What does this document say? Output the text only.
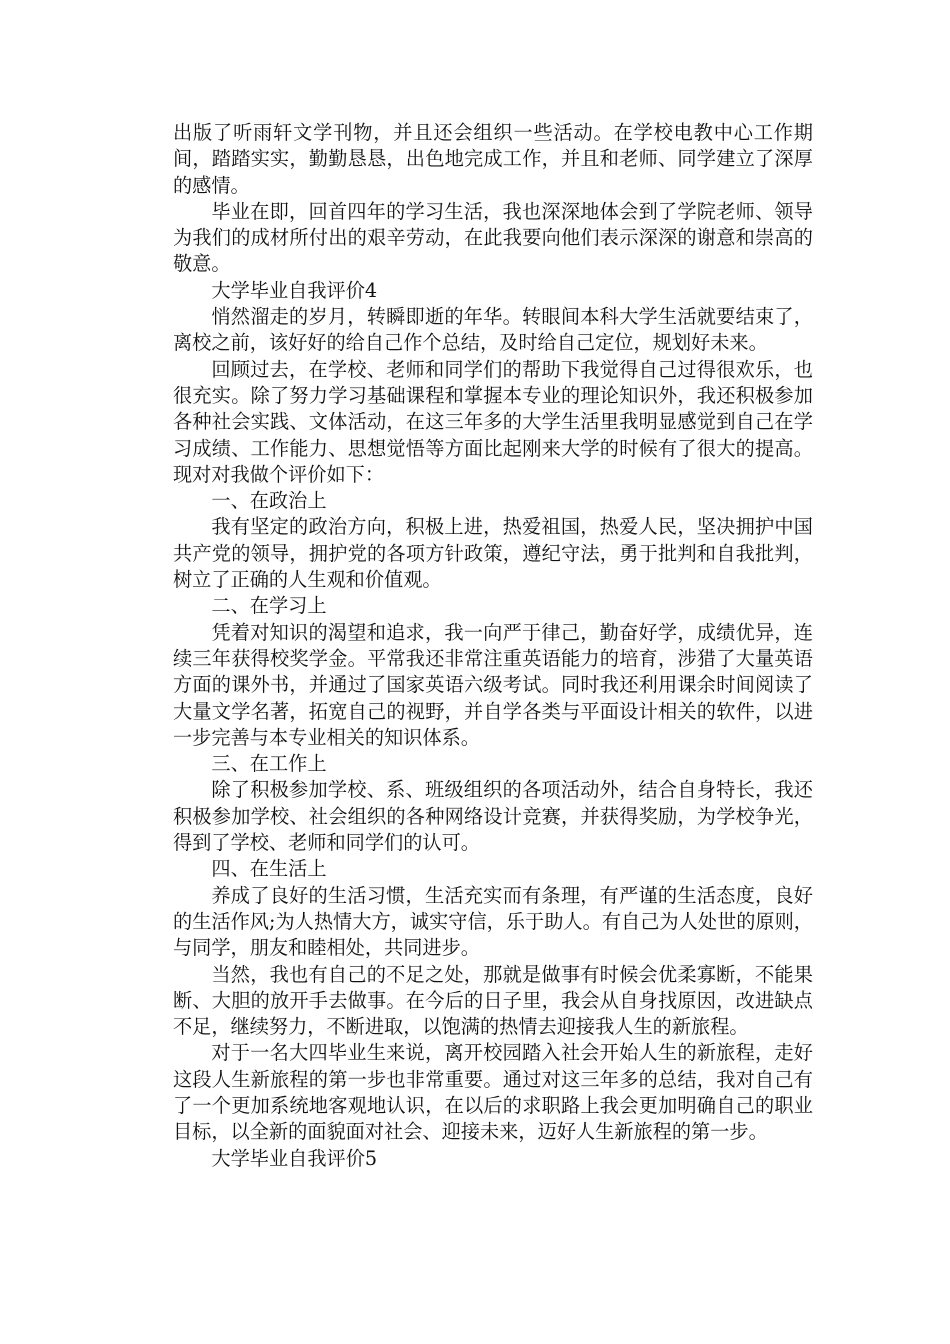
出版了听雨轩文学刊物，并且还会组织一些活动。在学校电教中心工作期间，踏踏实实，勤勤恳恳，出色地完成工作，并且和老师、同学建立了深厚的感情。

毕业在即，回首四年的学习生活，我也深深地体会到了学院老师、领导为我们的成材所付出的艰辛劳动，在此我要向他们表示深深的谢意和崇高的敬意。

大学毕业自我评价4

悄然溜走的岁月，转瞬即逝的年华。转眼间本科大学生活就要结束了，离校之前，该好好的给自己作个总结，及时给自己定位，规划好未来。

回顾过去，在学校、老师和同学们的帮助下我觉得自己过得很欢乐，也很充实。除了努力学习基础课程和掌握本专业的理论知识外，我还积极参加各种社会实践、文体活动，在这三年多的大学生活里我明显感觉到自己在学习成绩、工作能力、思想觉悟等方面比起刚来大学的时候有了很大的提高。现对对我做个评价如下：

一、在政治上

我有坚定的政治方向，积极上进，热爱祖国，热爱人民，坚决拥护中国共产党的领导，拥护党的各项方针政策，遵纪守法，勇于批判和自我批判，树立了正确的人生观和价值观。

二、在学习上

凭着对知识的渴望和追求，我一向严于律己，勤奋好学，成绩优异，连续三年获得校奖学金。平常我还非常注重英语能力的培育，涉猎了大量英语方面的课外书，并通过了国家英语六级考试。同时我还利用课余时间阅读了大量文学名著，拓宽自己的视野，并自学各类与平面设计相关的软件，以进一步完善与本专业相关的知识体系。

三、在工作上

除了积极参加学校、系、班级组织的各项活动外，结合自身特长，我还积极参加学校、社会组织的各种网络设计竞赛，并获得奖励，为学校争光，得到了学校、老师和同学们的认可。

四、在生活上

养成了良好的生活习惯，生活充实而有条理，有严谨的生活态度，良好的生活作风;为人热情大方，诚实守信，乐于助人。有自己为人处世的原则，与同学，朋友和睦相处，共同进步。

当然，我也有自己的不足之处，那就是做事有时候会优柔寡断，不能果断、大胆的放开手去做事。在今后的日子里，我会从自身找原因，改进缺点不足，继续努力，不断进取，以饱满的热情去迎接我人生的新旅程。

对于一名大四毕业生来说，离开校园踏入社会开始人生的新旅程，走好这段人生新旅程的第一步也非常重要。通过对这三年多的总结，我对自己有了一个更加系统地客观地认识，在以后的求职路上我会更加明确自己的职业目标，以全新的面貌面对社会、迎接未来，迈好人生新旅程的第一步。

大学毕业自我评价5
